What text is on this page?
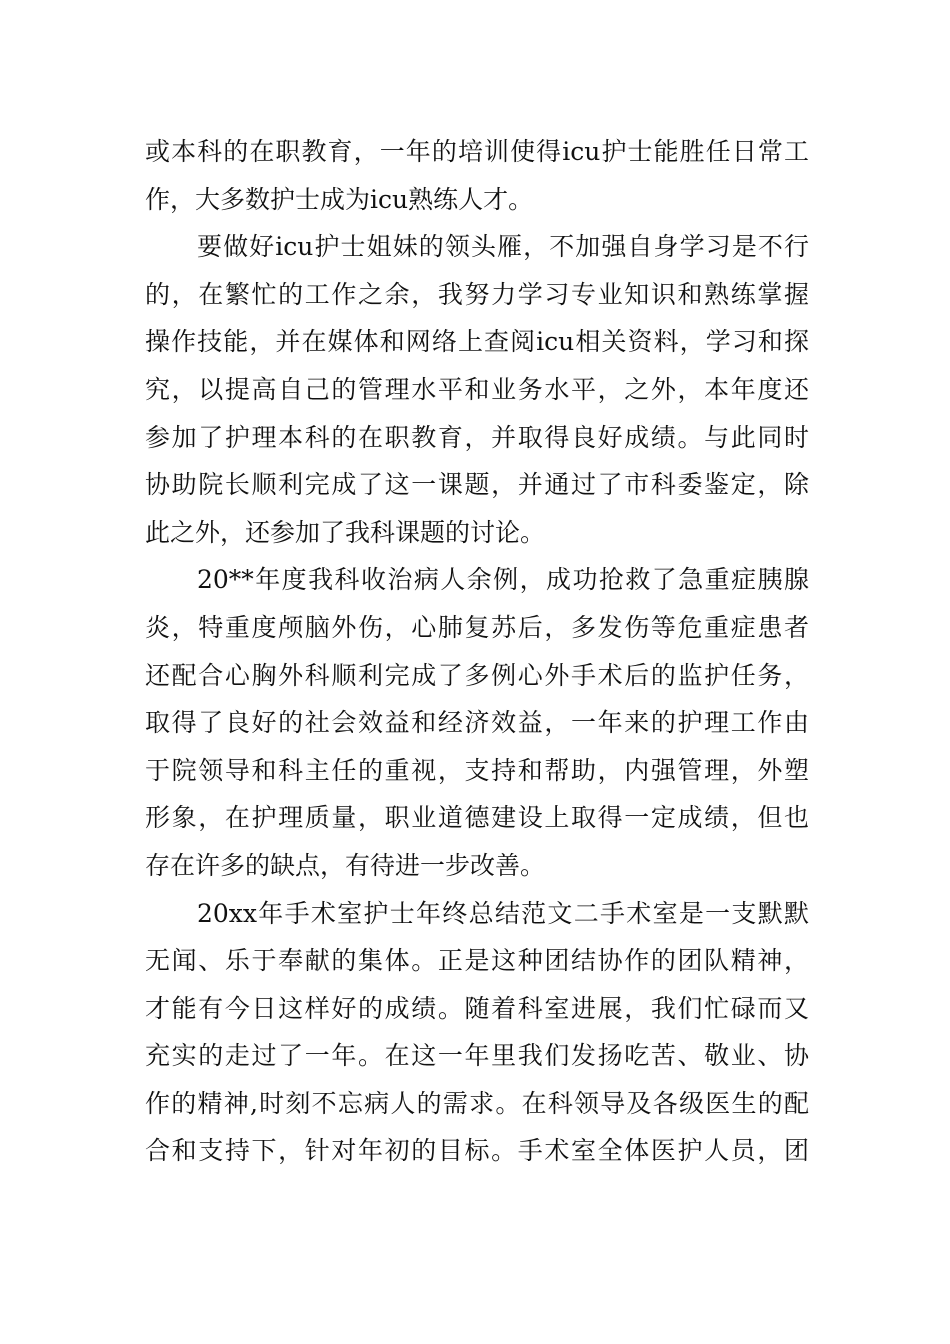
或本科的在职教育，一年的培训使得icu护士能胜任日常工
作，大多数护士成为icu熟练人才。
要做好icu护士姐妹的领头雁，不加强自身学习是不行
的，在繁忙的工作之余，我努力学习专业知识和熟练掌握
操作技能，并在媒体和网络上查阅icu相关资料，学习和探
究，以提高自己的管理水平和业务水平，之外，本年度还
参加了护理本科的在职教育，并取得良好成绩。与此同时
协助院长顺利完成了这一课题，并通过了市科委鉴定，除
此之外，还参加了我科课题的讨论。
20**年度我科收治病人余例，成功抢救了急重症胰腺
炎，特重度颅脑外伤，心肺复苏后，多发伤等危重症患者
还配合心胸外科顺利完成了多例心外手术后的监护任务，
取得了良好的社会效益和经济效益，一年来的护理工作由
于院领导和科主任的重视，支持和帮助，内强管理，外塑
形象，在护理质量，职业道德建设上取得一定成绩，但也
存在许多的缺点，有待进一步改善。
20xx年手术室护士年终总结范文二手术室是一支默默
无闻、乐于奉献的集体。正是这种团结协作的团队精神，
才能有今日这样好的成绩。随着科室进展，我们忙碌而又
充实的走过了一年。在这一年里我们发扬吃苦、敬业、协
作的精神,时刻不忘病人的需求。在科领导及各级医生的配
合和支持下，针对年初的目标。手术室全体医护人员，团
